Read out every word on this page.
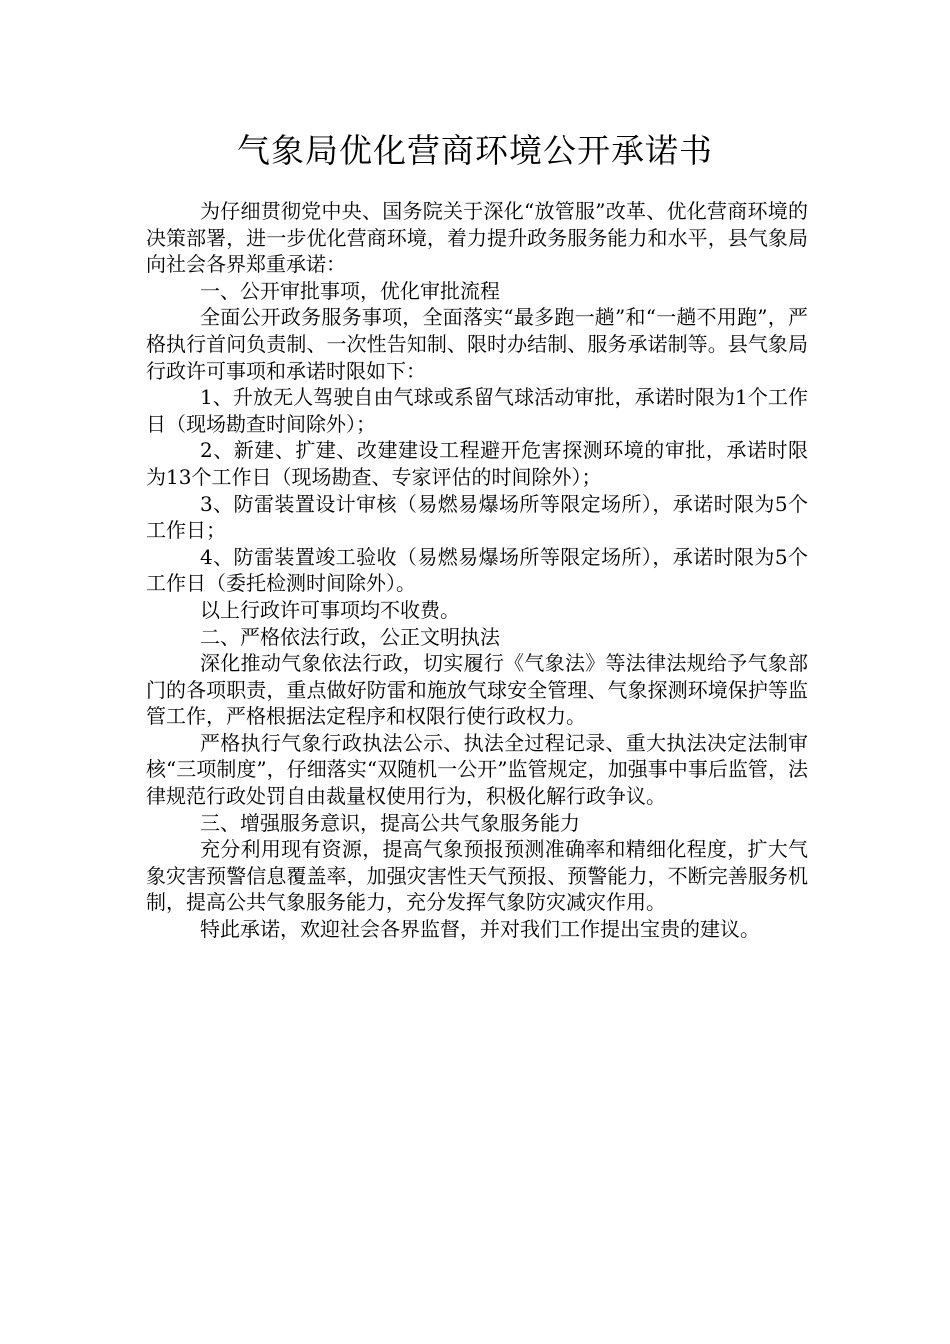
气象局优化营商环境公开承诺书

为仔细贯彻党中央、国务院关于深化“放管服”改革、优化营商环境的决策部署，进一步优化营商环境，着力提升政务服务能力和水平，县气象局向社会各界郑重承诺：

一、公开审批事项，优化审批流程

全面公开政务服务事项，全面落实“最多跑一趟”和“一趟不用跑”，严格执行首问负责制、一次性告知制、限时办结制、服务承诺制等。县气象局行政许可事项和承诺时限如下：

1、升放无人驾驶自由气球或系留气球活动审批，承诺时限为1个工作日（现场勘查时间除外）；

2、新建、扩建、改建建设工程避开危害探测环境的审批，承诺时限为13个工作日（现场勘查、专家评估的时间除外）；

3、防雷装置设计审核（易燃易爆场所等限定场所），承诺时限为5个工作日；

4、防雷装置竣工验收（易燃易爆场所等限定场所），承诺时限为5个工作日（委托检测时间除外）。

以上行政许可事项均不收费。

二、严格依法行政，公正文明执法

深化推动气象依法行政，切实履行《气象法》等法律法规给予气象部门的各项职责，重点做好防雷和施放气球安全管理、气象探测环境保护等监管工作，严格根据法定程序和权限行使行政权力。

严格执行气象行政执法公示、执法全过程记录、重大执法决定法制审核“三项制度”，仔细落实“双随机一公开”监管规定，加强事中事后监管，法律规范行政处罚自由裁量权使用行为，积极化解行政争议。

三、增强服务意识，提高公共气象服务能力

充分利用现有资源，提高气象预报预测准确率和精细化程度，扩大气象灾害预警信息覆盖率，加强灾害性天气预报、预警能力，不断完善服务机制，提高公共气象服务能力，充分发挥气象防灾减灾作用。

特此承诺，欢迎社会各界监督，并对我们工作提出宝贵的建议。
